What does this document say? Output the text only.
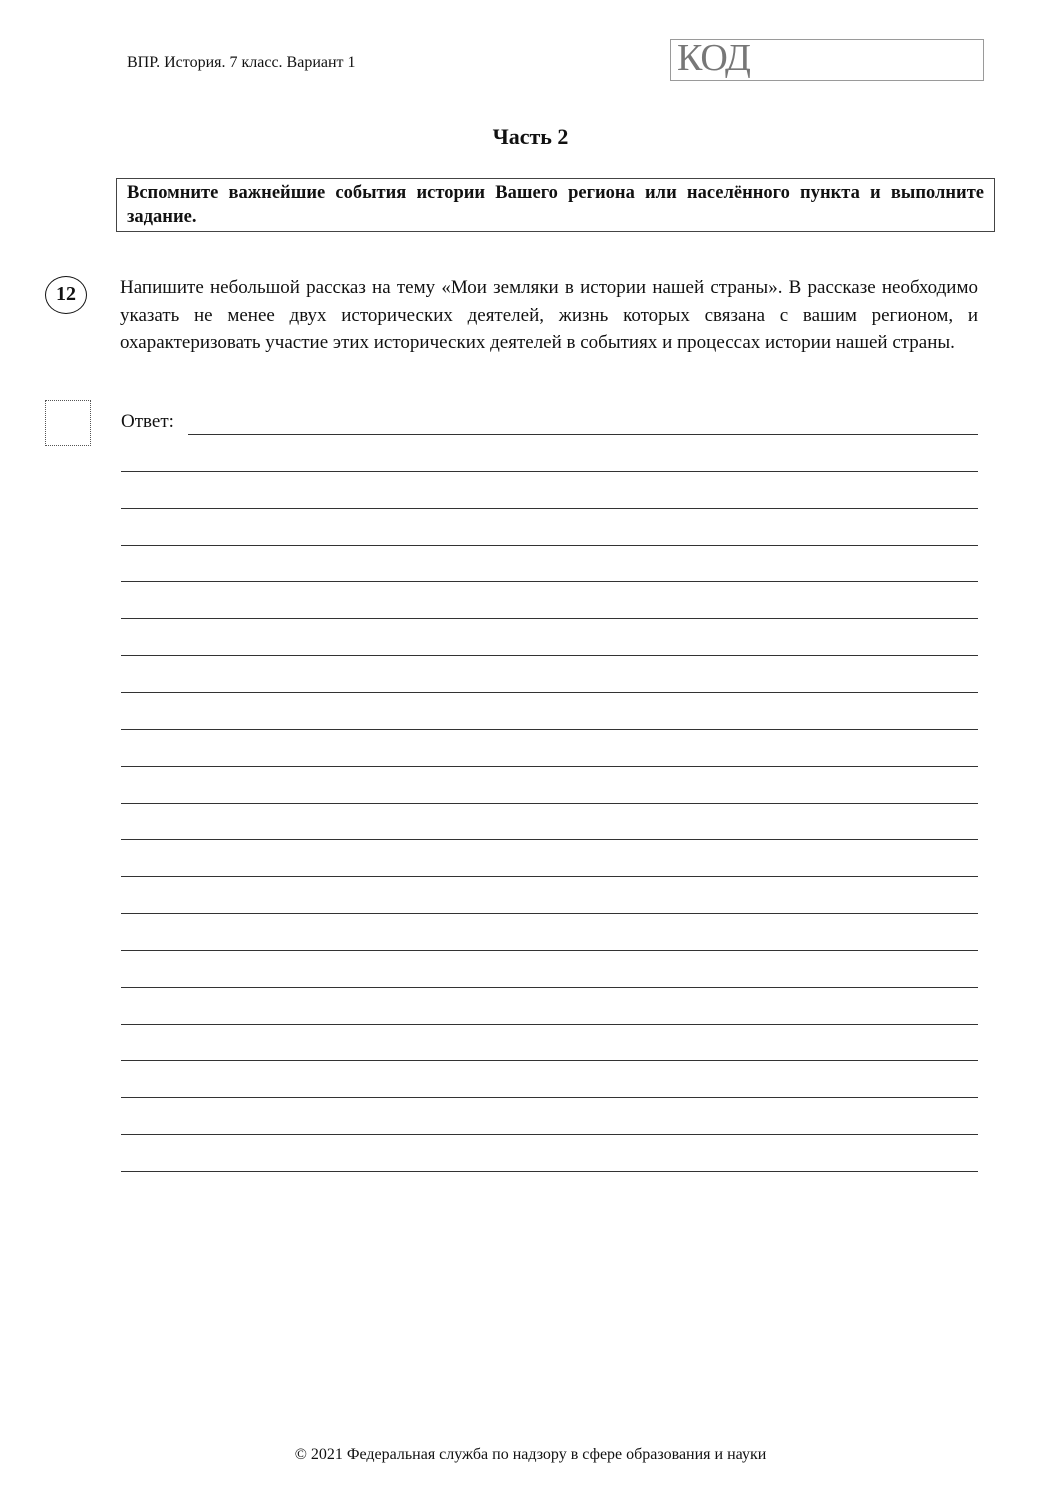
ВПР. История. 7 класс. Вариант 1	КОД
Часть 2
Вспомните важнейшие события истории Вашего региона или населённого пункта и выполните задание.
12	Напишите небольшой рассказ на тему «Мои земляки в истории нашей страны». В рассказе необходимо указать не менее двух исторических деятелей, жизнь которых связана с вашим регионом, и охарактеризовать участие этих исторических деятелей в событиях и процессах истории нашей страны.
Ответ:
© 2021 Федеральная служба по надзору в сфере образования и науки
